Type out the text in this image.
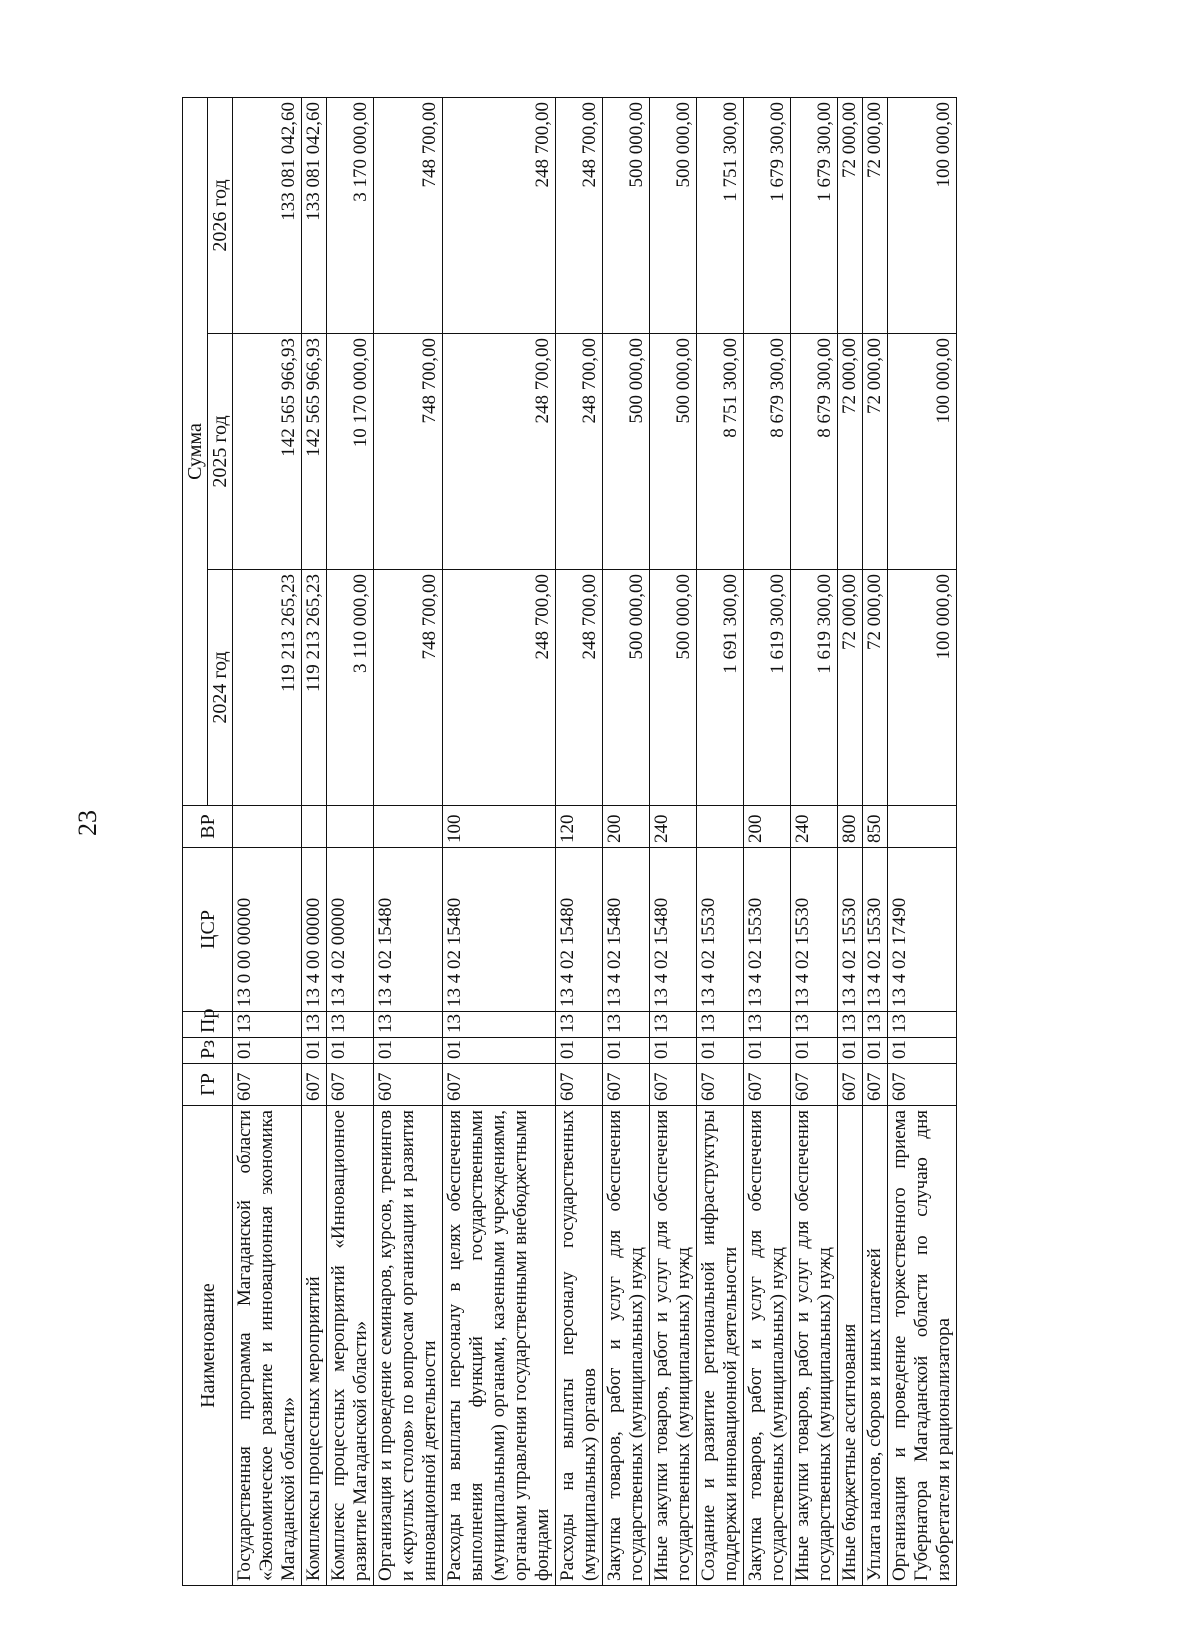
23
Наименование	ГР	Рз	Пр	ЦСР	ВР	Сумма		
						2024 год	2025 год	2026 год
Государственная программа Магаданской области «Экономическое развитие и инновационная экономика Магаданской области»	607	01	13	13 0 00 00000		119 213 265,23	142 565 966,93	133 081 042,60
Комплексы процессных мероприятий	607	01	13	13 4 00 00000		119 213 265,23	142 565 966,93	133 081 042,60
Комплекс процессных мероприятий «Инновационное развитие Магаданской области»	607	01	13	13 4 02 00000		3 110 000,00	10 170 000,00	3 170 000,00
Организация и проведение семинаров, курсов, тренингов и «круглых столов» по вопросам организации и развития инновационной деятельности	607	01	13	13 4 02 15480		748 700,00	748 700,00	748 700,00
Расходы на выплаты персоналу в целях обеспечения выполнения функций государственными (муниципальными) органами, казенными учреждениями, органами управления государственными внебюджетными фондами	607	01	13	13 4 02 15480	100	248 700,00	248 700,00	248 700,00
Расходы на выплаты персоналу государственных (муниципальных) органов	607	01	13	13 4 02 15480	120	248 700,00	248 700,00	248 700,00
Закупка товаров, работ и услуг для обеспечения государственных (муниципальных) нужд	607	01	13	13 4 02 15480	200	500 000,00	500 000,00	500 000,00
Иные закупки товаров, работ и услуг для обеспечения государственных (муниципальных) нужд	607	01	13	13 4 02 15480	240	500 000,00	500 000,00	500 000,00
Создание и развитие региональной инфраструктуры поддержки инновационной деятельности	607	01	13	13 4 02 15530		1 691 300,00	8 751 300,00	1 751 300,00
Закупка товаров, работ и услуг для обеспечения государственных (муниципальных) нужд	607	01	13	13 4 02 15530	200	1 619 300,00	8 679 300,00	1 679 300,00
Иные закупки товаров, работ и услуг для обеспечения государственных (муниципальных) нужд	607	01	13	13 4 02 15530	240	1 619 300,00	8 679 300,00	1 679 300,00
Иные бюджетные ассигнования	607	01	13	13 4 02 15530	800	72 000,00	72 000,00	72 000,00
Уплата налогов, сборов и иных платежей	607	01	13	13 4 02 15530	850	72 000,00	72 000,00	72 000,00
Организация и проведение торжественного приема Губернатора Магаданской области по случаю дня изобретателя и рационализатора	607	01	13	13 4 02 17490		100 000,00	100 000,00	100 000,00
